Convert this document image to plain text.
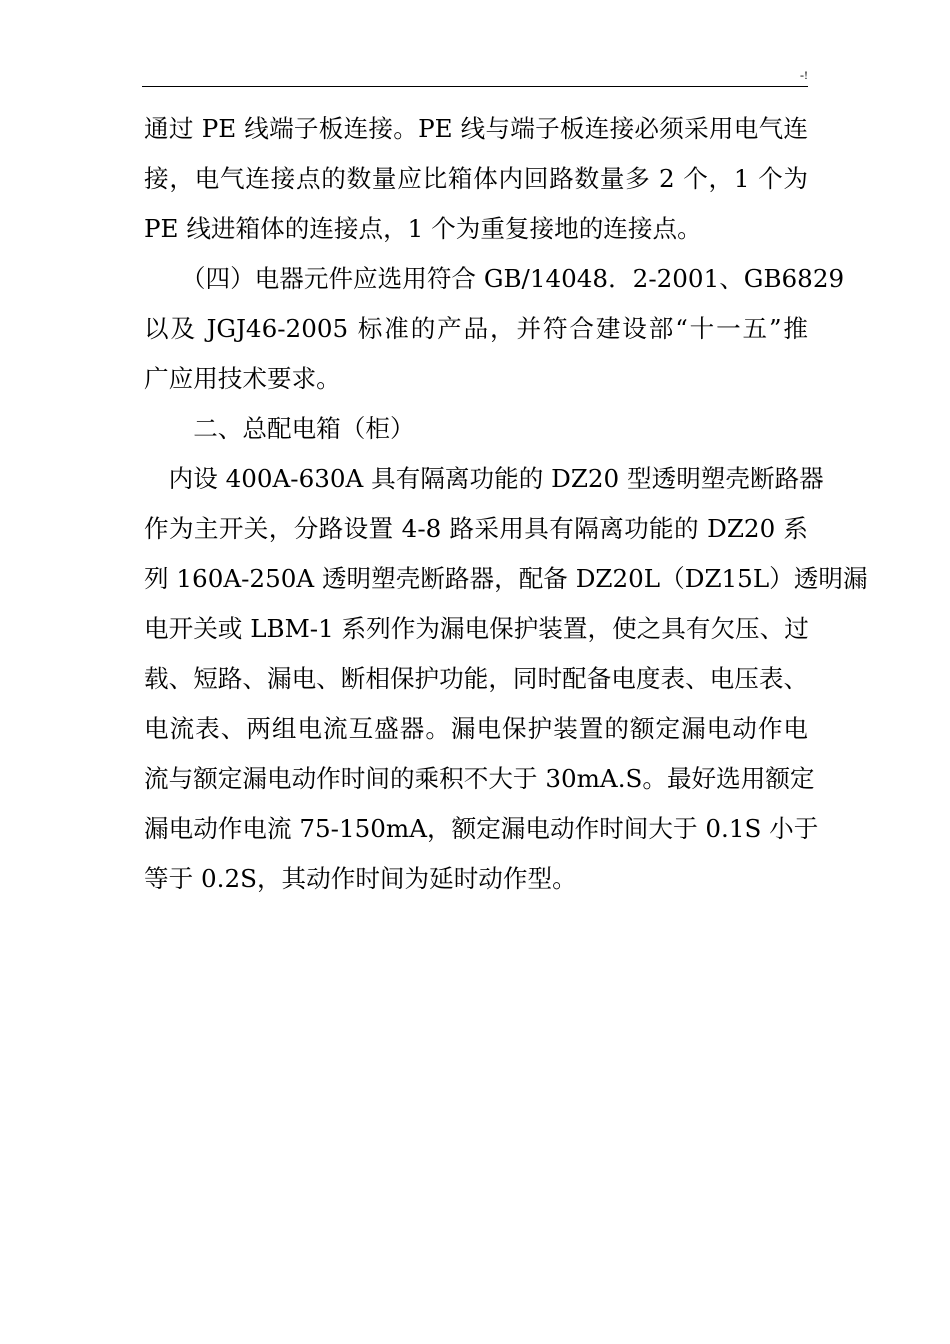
-!
通过 PE 线端子板连接。PE 线与端子板连接必须采用电气连
接，电气连接点的数量应比箱体内回路数量多 2 个，1 个为
PE 线进箱体的连接点，1 个为重复接地的连接点。
　　（四）电器元件应选用符合 GB/14048．2-2001、GB6829
以及 JGJ46-2005 标准的产品，并符合建设部“十一五”推
广应用技术要求。
　　二、总配电箱（柜）
　内设 400A-630A 具有隔离功能的 DZ20 型透明塑壳断路器
作为主开关，分路设置 4-8 路采用具有隔离功能的 DZ20 系
列 160A-250A 透明塑壳断路器，配备 DZ20L（DZ15L）透明漏
电开关或 LBM-1 系列作为漏电保护装置，使之具有欠压、过
载、短路、漏电、断相保护功能，同时配备电度表、电压表、
电流表、两组电流互盛器。漏电保护装置的额定漏电动作电
流与额定漏电动作时间的乘积不大于 30mA.S。最好选用额定
漏电动作电流 75-150mA，额定漏电动作时间大于 0.1S 小于
等于 0.2S，其动作时间为延时动作型。
